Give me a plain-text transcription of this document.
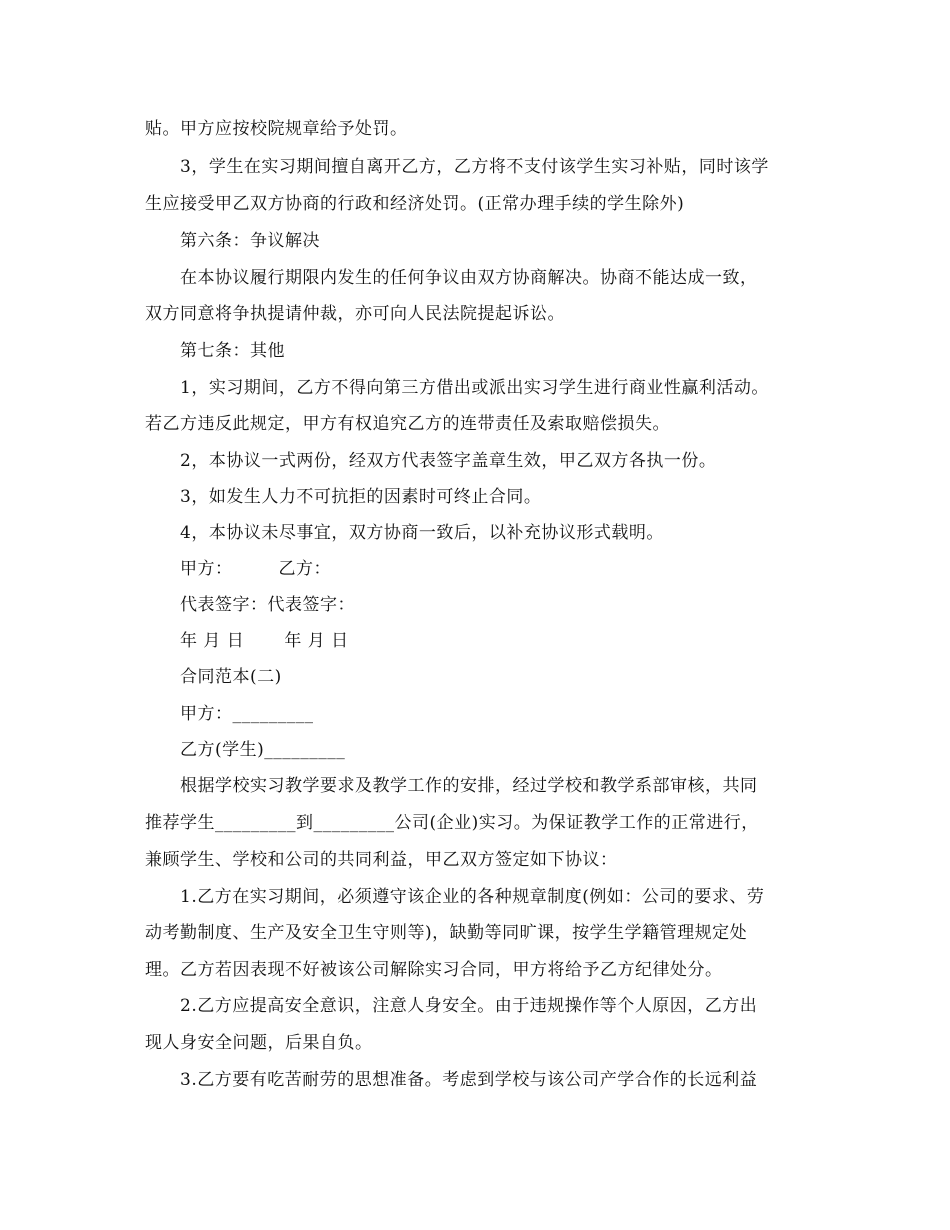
贴。甲方应按校院规章给予处罚。
3，学生在实习期间擅自离开乙方，乙方将不支付该学生实习补贴，同时该学
生应接受甲乙双方协商的行政和经济处罚。(正常办理手续的学生除外)
第六条：争议解决
在本协议履行期限内发生的任何争议由双方协商解决。协商不能达成一致，
双方同意将争执提请仲裁，亦可向人民法院提起诉讼。
第七条：其他
1，实习期间，乙方不得向第三方借出或派出实习学生进行商业性赢利活动。
若乙方违反此规定，甲方有权追究乙方的连带责任及索取赔偿损失。
2，本协议一式两份，经双方代表签字盖章生效，甲乙双方各执一份。
3，如发生人力不可抗拒的因素时可终止合同。
4，本协议未尽事宜，双方协商一致后，以补充协议形式载明。
甲方：	乙方：
代表签字：代表签字：
年 月 日 年 月 日
合同范本(二)
甲方：_________
乙方(学生)_________
根据学校实习教学要求及教学工作的安排，经过学校和教学系部审核，共同
推荐学生_________到_________公司(企业)实习。为保证教学工作的正常进行，
兼顾学生、学校和公司的共同利益，甲乙双方签定如下协议：
1.乙方在实习期间，必须遵守该企业的各种规章制度(例如：公司的要求、劳
动考勤制度、生产及安全卫生守则等)，缺勤等同旷课，按学生学籍管理规定处
理。乙方若因表现不好被该公司解除实习合同，甲方将给予乙方纪律处分。
2.乙方应提高安全意识，注意人身安全。由于违规操作等个人原因，乙方出
现人身安全问题，后果自负。
3.乙方要有吃苦耐劳的思想准备。考虑到学校与该公司产学合作的长远利益
